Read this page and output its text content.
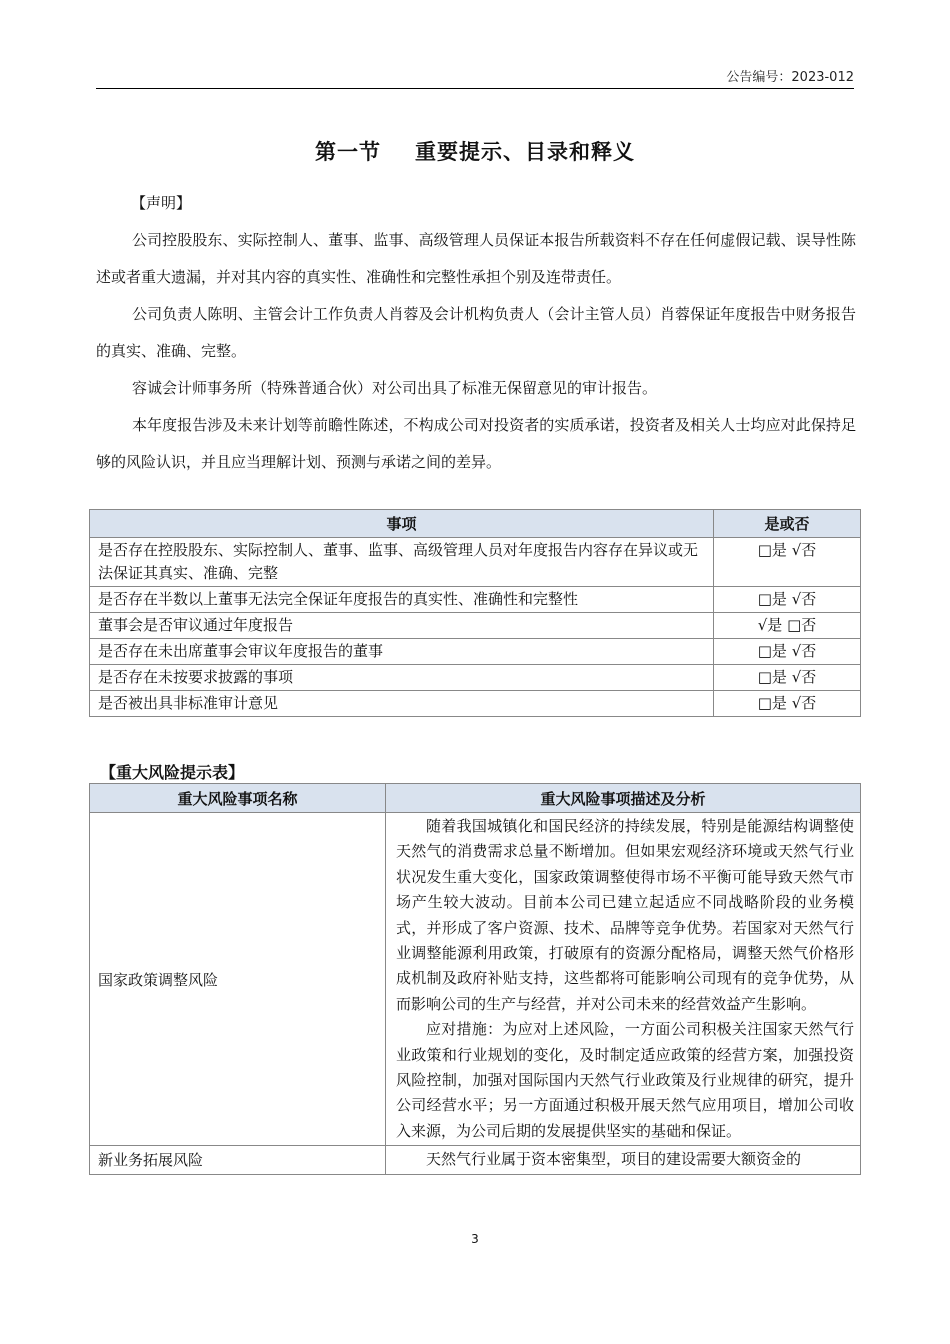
公告编号：2023-012
第一节 重要提示、目录和释义
【声明】

公司控股股东、实际控制人、董事、监事、高级管理人员保证本报告所载资料不存在任何虚假记载、误导性陈述或者重大遗漏，并对其内容的真实性、准确性和完整性承担个别及连带责任。

公司负责人陈明、主管会计工作负责人肖蓉及会计机构负责人（会计主管人员）肖蓉保证年度报告中财务报告的真实、准确、完整。

容诚会计师事务所（特殊普通合伙）对公司出具了标准无保留意见的审计报告。

本年度报告涉及未来计划等前瞻性陈述，不构成公司对投资者的实质承诺，投资者及相关人士均应对此保持足够的风险认识，并且应当理解计划、预测与承诺之间的差异。

事项	是或否
是否存在控股股东、实际控制人、董事、监事、高级管理人员对年度报告内容存在异议或无法保证其真实、准确、完整	□是 √否
是否存在半数以上董事无法完全保证年度报告的真实性、准确性和完整性	□是 √否
董事会是否审议通过年度报告	√是 □否
是否存在未出席董事会审议年度报告的董事	□是 √否
是否存在未按要求披露的事项	□是 √否
是否被出具非标准审计意见	□是 √否
【重大风险提示表】
重大风险事项名称	重大风险事项描述及分析
国家政策调整风险	随着我国城镇化和国民经济的持续发展，特别是能源结构调整使天然气的消费需求总量不断增加。但如果宏观经济环境或天然气行业状况发生重大变化，国家政策调整使得市场不平衡可能导致天然气市场产生较大波动。目前本公司已建立起适应不同战略阶段的业务模式，并形成了客户资源、技术、品牌等竞争优势。若国家对天然气行业调整能源利用政策，打破原有的资源分配格局，调整天然气价格形成机制及政府补贴支持，这些都将可能影响公司现有的竞争优势，从而影响公司的生产与经营，并对公司未来的经营效益产生影响。

应对措施：为应对上述风险，一方面公司积极关注国家天然气行业政策和行业规划的变化，及时制定适应政策的经营方案，加强投资风险控制，加强对国际国内天然气行业政策及行业规律的研究，提升公司经营水平；另一方面通过积极开展天然气应用项目，增加公司收入来源，为公司后期的发展提供坚实的基础和保证。

新业务拓展风险	天然气行业属于资本密集型，项目的建设需要大额资金的

3
